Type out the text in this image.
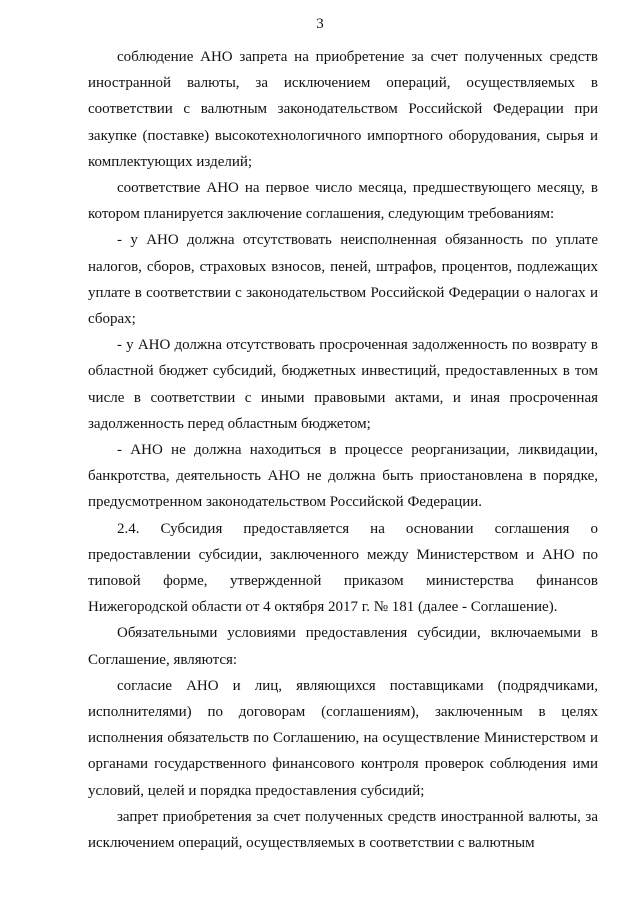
3

соблюдение АНО запрета на приобретение за счет полученных средств иностранной валюты, за исключением операций, осуществляемых в соответствии с валютным законодательством Российской Федерации при закупке (поставке) высокотехнологичного импортного оборудования, сырья и комплектующих изделий;

соответствие АНО на первое число месяца, предшествующего месяцу, в котором планируется заключение соглашения, следующим требованиям:

- у АНО должна отсутствовать неисполненная обязанность по уплате налогов, сборов, страховых взносов, пеней, штрафов, процентов, подлежащих уплате в соответствии с законодательством Российской Федерации о налогах и сборах;

- у АНО должна отсутствовать просроченная задолженность по возврату в областной бюджет субсидий, бюджетных инвестиций, предоставленных в том числе в соответствии с иными правовыми актами, и иная просроченная задолженность перед областным бюджетом;

- АНО не должна находиться в процессе реорганизации, ликвидации, банкротства, деятельность АНО не должна быть приостановлена в порядке, предусмотренном законодательством Российской Федерации.

2.4. Субсидия предоставляется на основании соглашения о предоставлении субсидии, заключенного между Министерством и АНО по типовой форме, утвержденной приказом министерства финансов Нижегородской области от 4 октября 2017 г. № 181 (далее - Соглашение).

Обязательными условиями предоставления субсидии, включаемыми в Соглашение, являются:

согласие АНО и лиц, являющихся поставщиками (подрядчиками, исполнителями) по договорам (соглашениям), заключенным в целях исполнения обязательств по Соглашению, на осуществление Министерством и органами государственного финансового контроля проверок соблюдения ими условий, целей и порядка предоставления субсидий;

запрет приобретения за счет полученных средств иностранной валюты, за исключением операций, осуществляемых в соответствии с валютным
